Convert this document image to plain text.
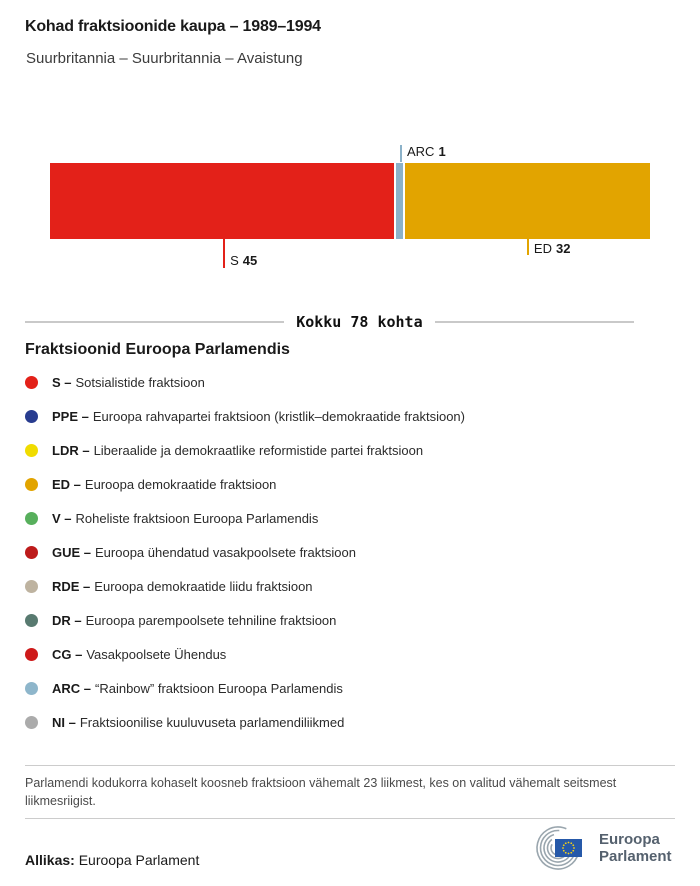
Kohad fraktsioonide kaupa – 1989–1994
Suurbritannia – Suurbritannia – Avaistung
ARC 1
S 45
ED 32
Kokku 78 kohta
Fraktsioonid Euroopa Parlamendis
S – Sotsialistide fraktsioon
PPE – Euroopa rahvapartei fraktsioon (kristlik–demokraatide fraktsioon)
LDR – Liberaalide ja demokraatlike reformistide partei fraktsioon
ED – Euroopa demokraatide fraktsioon
V – Roheliste fraktsioon Euroopa Parlamendis
GUE – Euroopa ühendatud vasakpoolsete fraktsioon
RDE – Euroopa demokraatide liidu fraktsioon
DR – Euroopa parempoolsete tehniline fraktsioon
CG – Vasakpoolsete Ühendus
ARC – “Rainbow” fraktsioon Euroopa Parlamendis
NI – Fraktsioonilise kuuluvuseta parlamendiliikmed

Parlamendi kodukorra kohaselt koosneb fraktsioon vähemalt 23 liikmest, kes on valitud vähemalt seitsmest liikmesriigist.

Allikas: Euroopa Parlament
Euroopa
Parlament
